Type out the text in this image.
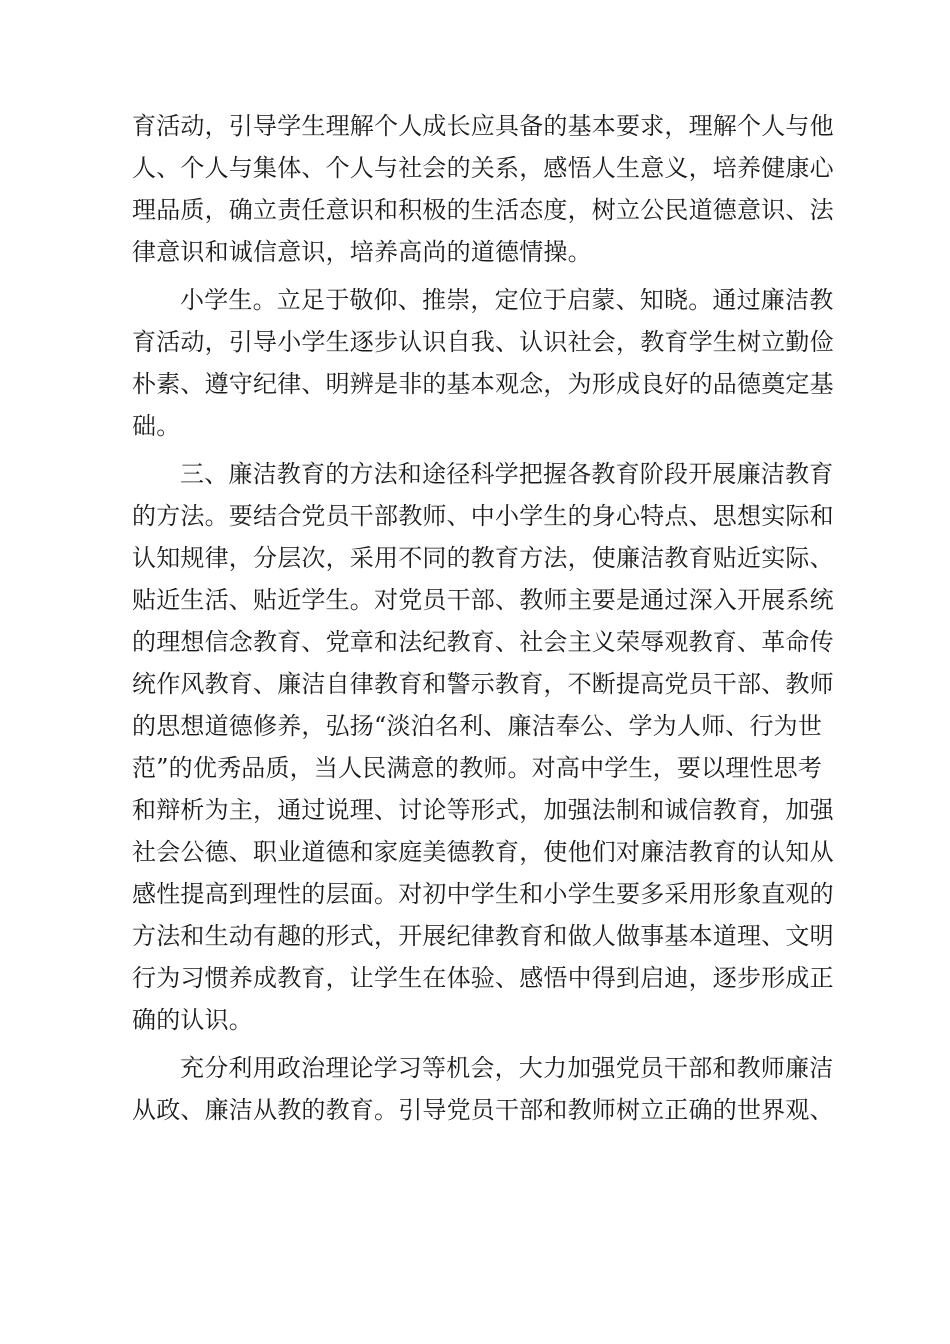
育活动，引导学生理解个人成长应具备的基本要求，理解个人与他
人、个人与集体、个人与社会的关系，感悟人生意义，培养健康心
理品质，确立责任意识和积极的生活态度，树立公民道德意识、法
律意识和诚信意识，培养高尚的道德情操。
小学生。立足于敬仰、推崇，定位于启蒙、知晓。通过廉洁教
育活动，引导小学生逐步认识自我、认识社会，教育学生树立勤俭
朴素、遵守纪律、明辨是非的基本观念，为形成良好的品德奠定基
础。
三、廉洁教育的方法和途径科学把握各教育阶段开展廉洁教育
的方法。要结合党员干部教师、中小学生的身心特点、思想实际和
认知规律，分层次，采用不同的教育方法，使廉洁教育贴近实际、
贴近生活、贴近学生。对党员干部、教师主要是通过深入开展系统
的理想信念教育、党章和法纪教育、社会主义荣辱观教育、革命传
统作风教育、廉洁自律教育和警示教育，不断提高党员干部、教师
的思想道德修养，弘扬“淡泊名利、廉洁奉公、学为人师、行为世
范”的优秀品质，当人民满意的教师。对高中学生，要以理性思考
和辩析为主，通过说理、讨论等形式，加强法制和诚信教育，加强
社会公德、职业道德和家庭美德教育，使他们对廉洁教育的认知从
感性提高到理性的层面。对初中学生和小学生要多采用形象直观的
方法和生动有趣的形式，开展纪律教育和做人做事基本道理、文明
行为习惯养成教育，让学生在体验、感悟中得到启迪，逐步形成正
确的认识。
充分利用政治理论学习等机会，大力加强党员干部和教师廉洁
从政、廉洁从教的教育。引导党员干部和教师树立正确的世界观、
